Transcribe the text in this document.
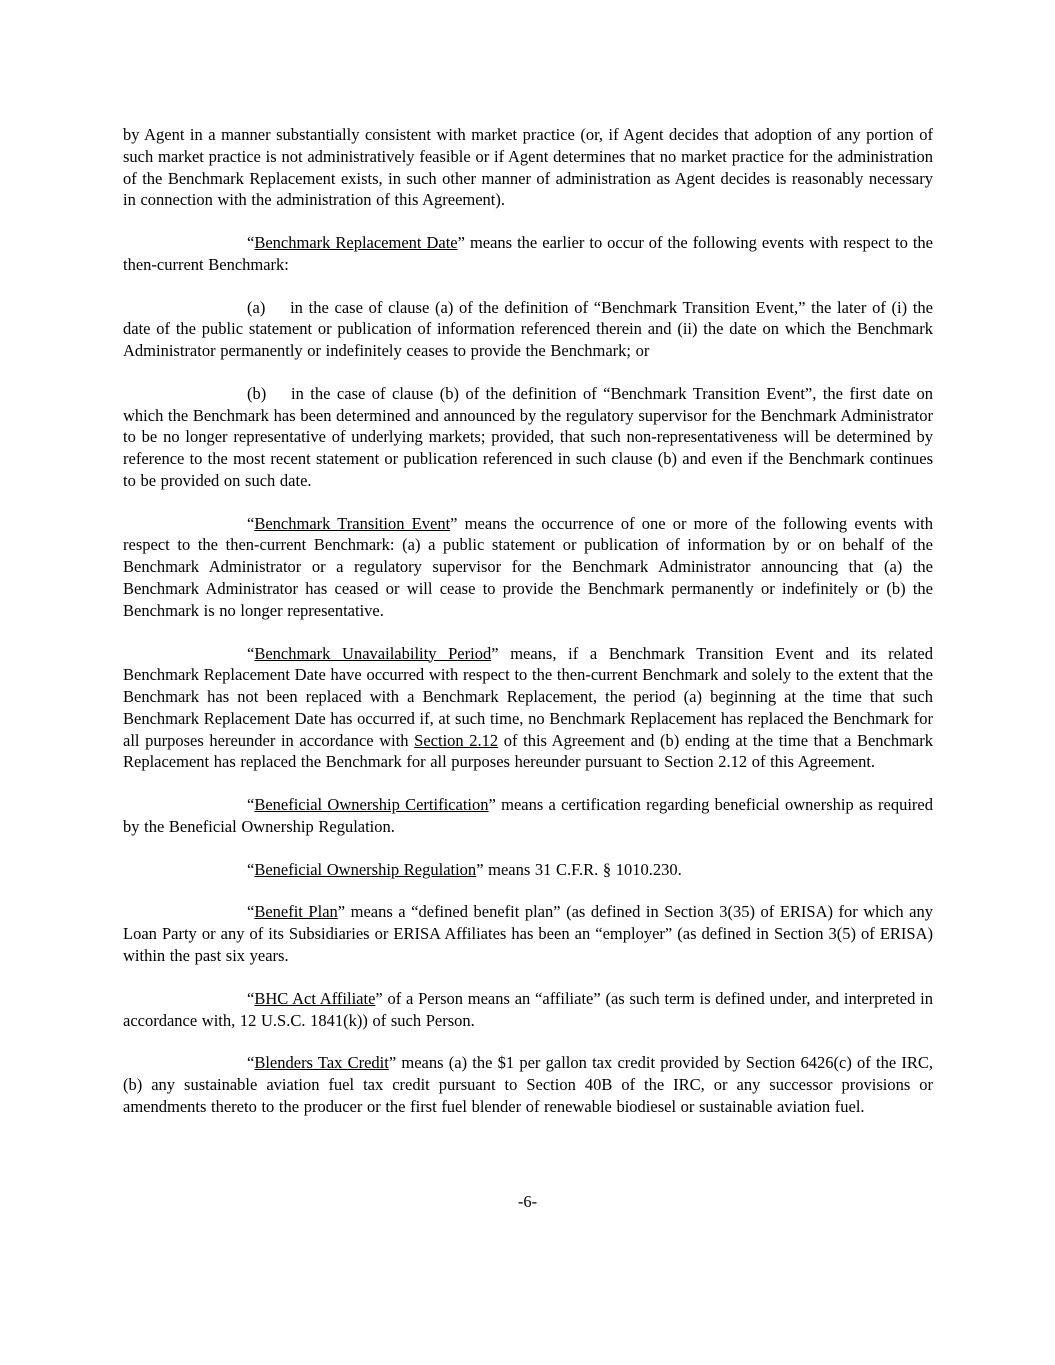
by Agent in a manner substantially consistent with market practice (or, if Agent decides that adoption of any portion of such market practice is not administratively feasible or if Agent determines that no market practice for the administration of the Benchmark Replacement exists, in such other manner of administration as Agent decides is reasonably necessary in connection with the administration of this Agreement).

“Benchmark Replacement Date” means the earlier to occur of the following events with respect to the then-current Benchmark:

(a)  in the case of clause (a) of the definition of “Benchmark Transition Event,” the later of (i) the date of the public statement or publication of information referenced therein and (ii) the date on which the Benchmark Administrator permanently or indefinitely ceases to provide the Benchmark; or

(b)  in the case of clause (b) of the definition of “Benchmark Transition Event”, the first date on which the Benchmark has been determined and announced by the regulatory supervisor for the Benchmark Administrator to be no longer representative of underlying markets; provided, that such non-representativeness will be determined by reference to the most recent statement or publication referenced in such clause (b) and even if the Benchmark continues to be provided on such date.

“Benchmark Transition Event” means the occurrence of one or more of the following events with respect to the then-current Benchmark: (a) a public statement or publication of information by or on behalf of the Benchmark Administrator or a regulatory supervisor for the Benchmark Administrator announcing that (a) the Benchmark Administrator has ceased or will cease to provide the Benchmark permanently or indefinitely or (b) the Benchmark is no longer representative.

“Benchmark Unavailability Period” means, if a Benchmark Transition Event and its related Benchmark Replacement Date have occurred with respect to the then-current Benchmark and solely to the extent that the Benchmark has not been replaced with a Benchmark Replacement, the period (a) beginning at the time that such Benchmark Replacement Date has occurred if, at such time, no Benchmark Replacement has replaced the Benchmark for all purposes hereunder in accordance with Section 2.12 of this Agreement and (b) ending at the time that a Benchmark Replacement has replaced the Benchmark for all purposes hereunder pursuant to Section 2.12 of this Agreement.

“Beneficial Ownership Certification” means a certification regarding beneficial ownership as required by the Beneficial Ownership Regulation.

“Beneficial Ownership Regulation” means 31 C.F.R. § 1010.230.

“Benefit Plan” means a “defined benefit plan” (as defined in Section 3(35) of ERISA) for which any Loan Party or any of its Subsidiaries or ERISA Affiliates has been an “employer” (as defined in Section 3(5) of ERISA) within the past six years.

“BHC Act Affiliate” of a Person means an “affiliate” (as such term is defined under, and interpreted in accordance with, 12 U.S.C. 1841(k)) of such Person.

“Blenders Tax Credit” means (a) the $1 per gallon tax credit provided by Section 6426(c) of the IRC, (b) any sustainable aviation fuel tax credit pursuant to Section 40B of the IRC, or any successor provisions or amendments thereto to the producer or the first fuel blender of renewable biodiesel or sustainable aviation fuel.

-6-
